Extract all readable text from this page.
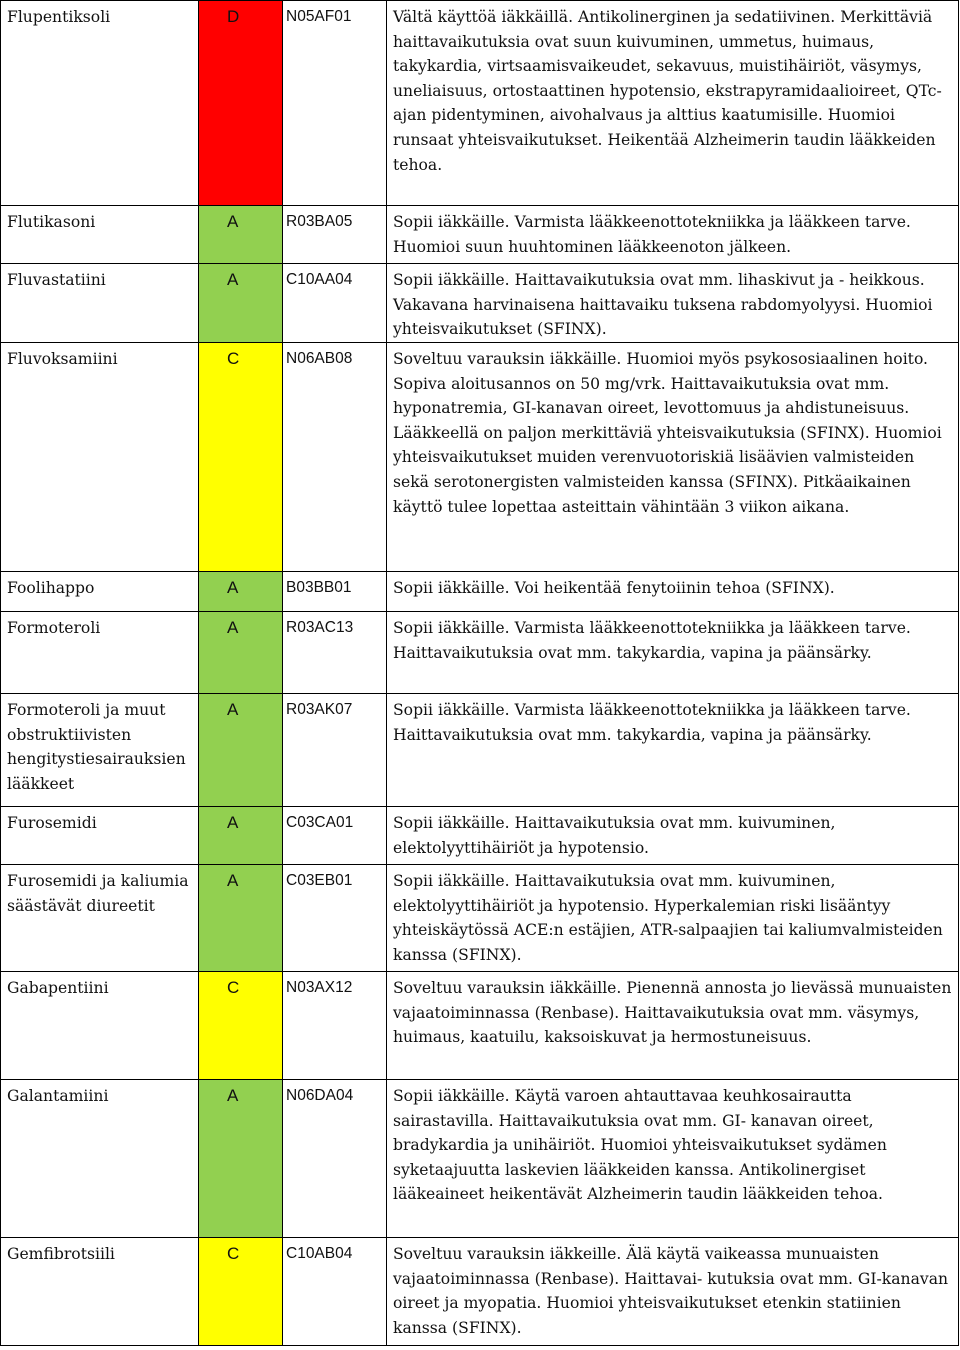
Flupentiksoli	D	N05AF01	Vältä käyttöä iäkkäillä. Antikolinerginen ja sedatiivinen. Merkittäviä haittavaikutuksia ovat suun kuivuminen, ummetus, huimaus, takykardia, virtsaamisvaikeudet, sekavuus, muistihäiriöt, väsymys, uneliaisuus, ortostaattinen hypotensio, ekstrapyramidaalioireet, QTc-ajan pidentyminen, aivohalvaus ja alttius kaatumisille. Huomioi runsaat yhteisvaikutukset. Heikentää Alzheimerin taudin lääkkeiden tehoa.
Flutikasoni	A	R03BA05	Sopii iäkkäille. Varmista lääkkeenottotekniikka ja lääkkeen tarve. Huomioi suun huuhtominen lääkkeenoton jälkeen.
Fluvastatiini	A	C10AA04	Sopii iäkkäille. Haittavaikutuksia ovat mm. lihaskivut ja - heikkous. Vakavana harvinaisena haittavaiku tuksena rabdomyolyysi. Huomioi yhteisvaikutukset (SFINX).
Fluvoksamiini	C	N06AB08	Soveltuu varauksin iäkkäille. Huomioi myös psykososiaalinen hoito. Sopiva aloitusannos on 50 mg/vrk. Haittavaikutuksia ovat mm. hyponatremia, GI-kanavan oireet, levottomuus ja ahdistuneisuus. Lääkkeellä on paljon merkittäviä yhteisvaikutuksia (SFINX). Huomioi yhteisvaikutukset muiden verenvuotoriskiä lisäävien valmisteiden sekä serotonergisten valmisteiden kanssa (SFINX). Pitkäaikainen käyttö tulee lopettaa asteittain vähintään 3 viikon aikana.
Foolihappo	A	B03BB01	Sopii iäkkäille. Voi heikentää fenytoiinin tehoa (SFINX).
Formoteroli	A	R03AC13	Sopii iäkkäille. Varmista lääkkeenottotekniikka ja lääkkeen tarve. Haittavaikutuksia ovat mm. takykardia, vapina ja päänsärky.
Formoteroli ja muut obstruktiivisten hengitystiesairauksien lääkkeet	A	R03AK07	Sopii iäkkäille. Varmista lääkkeenottotekniikka ja lääkkeen tarve. Haittavaikutuksia ovat mm. takykardia, vapina ja päänsärky.
Furosemidi	A	C03CA01	Sopii iäkkäille. Haittavaikutuksia ovat mm. kuivuminen, elektolyyttihäiriöt ja hypotensio.
Furosemidi ja kaliumia säästävät diureetit	A	C03EB01	Sopii iäkkäille. Haittavaikutuksia ovat mm. kuivuminen, elektolyyttihäiriöt ja hypotensio. Hyperkalemian riski lisääntyy yhteiskäytössä ACE:n estäjien, ATR-salpaajien tai kaliumvalmisteiden kanssa (SFINX).
Gabapentiini	C	N03AX12	Soveltuu varauksin iäkkäille. Pienennä annosta jo lievässä munuaisten vajaatoiminnassa (Renbase). Haittavaikutuksia ovat mm. väsymys, huimaus, kaatuilu, kaksoiskuvat ja hermostuneisuus.
Galantamiini	A	N06DA04	Sopii iäkkäille. Käytä varoen ahtauttavaa keuhkosairautta sairastavilla. Haittavaikutuksia ovat mm. GI- kanavan oireet, bradykardia ja unihäiriöt. Huomioi yhteisvaikutukset sydämen syketaajuutta laskevien lääkkeiden kanssa. Antikolinergiset lääkeaineet heikentävät Alzheimerin taudin lääkkeiden tehoa.
Gemfibrotsiili	C	C10AB04	Soveltuu varauksin iäkkeille. Älä käytä vaikeassa munuaisten vajaatoiminnassa (Renbase). Haittavai- kutuksia ovat mm. GI-kanavan oireet ja myopatia. Huomioi yhteisvaikutukset etenkin statiinien kanssa (SFINX).
